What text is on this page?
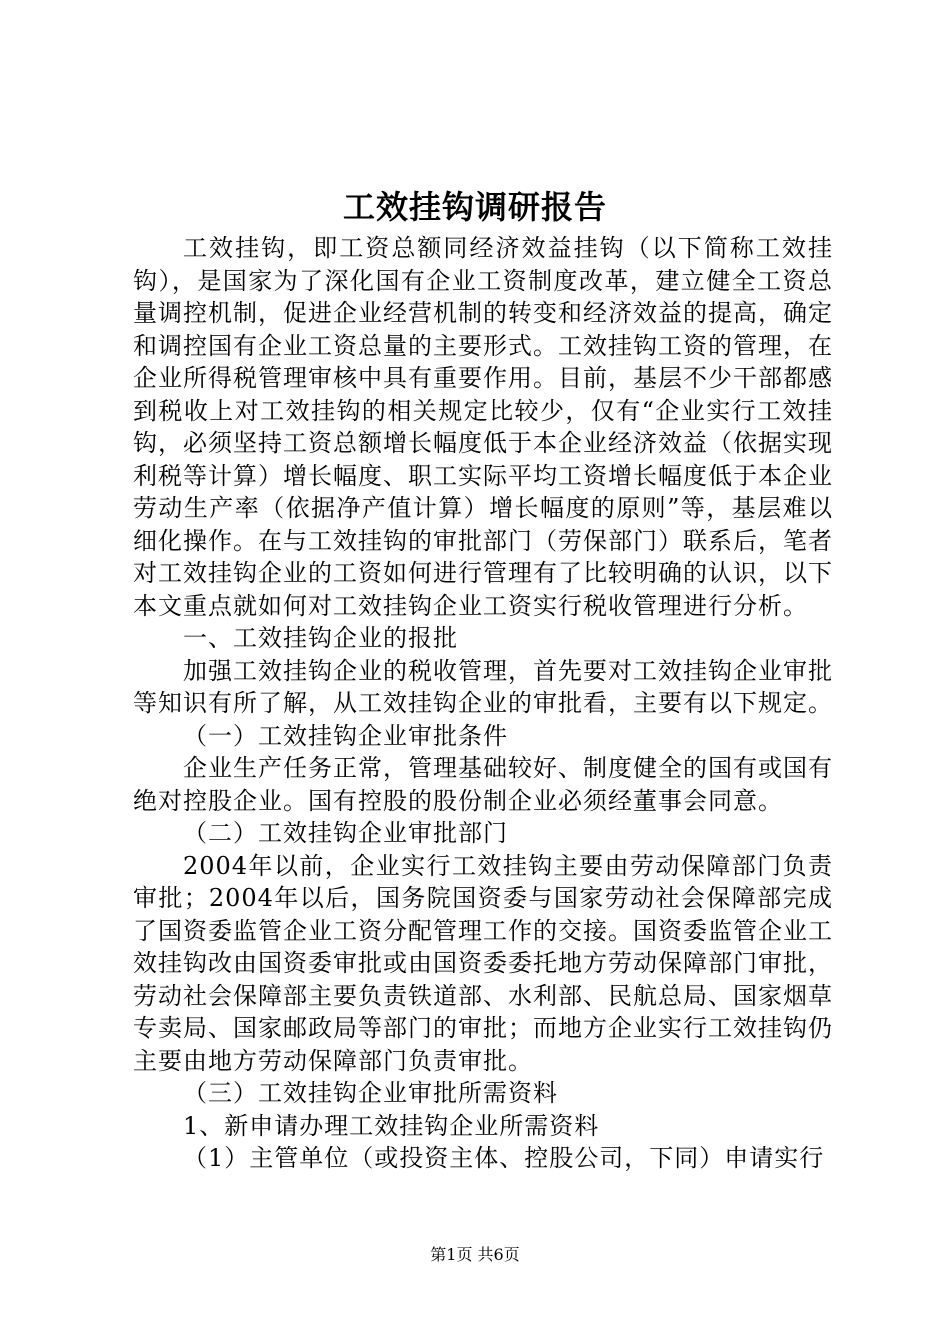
工效挂钩调研报告

工效挂钩，即工资总额同经济效益挂钩（以下简称工效挂钩），是国家为了深化国有企业工资制度改革，建立健全工资总量调控机制，促进企业经营机制的转变和经济效益的提高，确定和调控国有企业工资总量的主要形式。工效挂钩工资的管理，在企业所得税管理审核中具有重要作用。目前，基层不少干部都感到税收上对工效挂钩的相关规定比较少，仅有“企业实行工效挂钩，必须坚持工资总额增长幅度低于本企业经济效益（依据实现利税等计算）增长幅度、职工实际平均工资增长幅度低于本企业劳动生产率（依据净产值计算）增长幅度的原则”等，基层难以细化操作。在与工效挂钩的审批部门（劳保部门）联系后，笔者对工效挂钩企业的工资如何进行管理有了比较明确的认识，以下本文重点就如何对工效挂钩企业工资实行税收管理进行分析。

一、工效挂钩企业的报批

加强工效挂钩企业的税收管理，首先要对工效挂钩企业审批等知识有所了解，从工效挂钩企业的审批看，主要有以下规定。

（一）工效挂钩企业审批条件

企业生产任务正常，管理基础较好、制度健全的国有或国有绝对控股企业。国有控股的股份制企业必须经董事会同意。

（二）工效挂钩企业审批部门

2004年以前，企业实行工效挂钩主要由劳动保障部门负责审批；2004年以后，国务院国资委与国家劳动社会保障部完成了国资委监管企业工资分配管理工作的交接。国资委监管企业工效挂钩改由国资委审批或由国资委委托地方劳动保障部门审批，劳动社会保障部主要负责铁道部、水利部、民航总局、国家烟草专卖局、国家邮政局等部门的审批；而地方企业实行工效挂钩仍主要由地方劳动保障部门负责审批。

（三）工效挂钩企业审批所需资料

1、新申请办理工效挂钩企业所需资料

（1）主管单位（或投资主体、控股公司，下同）申请实行

第1页 共6页
